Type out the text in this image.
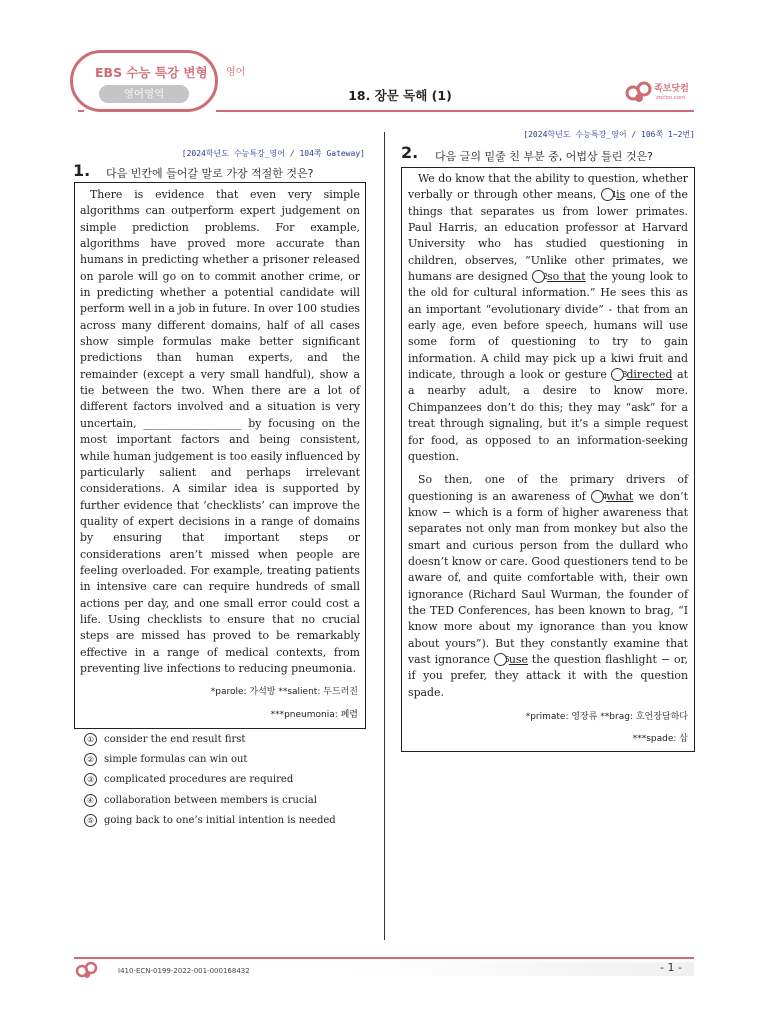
EBS 수능 특강 변형
영어영역
영어
18. 장문 독해 (1)	족보닷컴
zocbo.com
[2024학년도 수능특강_영어 / 104쪽 Gateway]
1. 다음 빈칸에 들어갈 말로 가장 적절한 것은?

There is evidence that even very simple algorithms can outperform expert judgement on simple prediction problems. For example, algorithms have proved more accurate than humans in predicting whether a prisoner released on parole will go on to commit another crime, or in predicting whether a potential candidate will perform well in a job in future. In over 100 studies across many different domains, half of all cases show simple formulas make better significant predictions than human experts, and the remainder (except a very small handful), show a tie between the two. When there are a lot of different factors involved and a situation is very uncertain, __________________ by focusing on the most important factors and being consistent, while human judgement is too easily influenced by particularly salient and perhaps irrelevant considerations. A similar idea is supported by further evidence that ‘checklists’ can improve the quality of expert decisions in a range of domains by ensuring that important steps or considerations aren’t missed when people are feeling overloaded. For example, treating patients in intensive care can require hundreds of small actions per day, and one small error could cost a life. Using checklists to ensure that no crucial steps are missed has proved to be remarkably effective in a range of medical contexts, from preventing live infections to reducing pneumonia.

*parole: 가석방 **salient: 두드러진
***pneumonia: 폐렴
①	consider the end result first
②	simple formulas can win out
③	complicated procedures are required
④	collaboration between members is crucial
⑤	going back to one’s initial intention is needed
[2024학년도 수능특강_영어 / 106쪽 1~2번]
2. 다음 글의 밑줄 친 부분 중, 어법상 틀린 것은?

We do know that the ability to question, whether verbally or through other means, 1is one of the things that separates us from lower primates. Paul Harris, an education professor at Harvard University who has studied questioning in children, observes, “Unlike other primates, we humans are designed 2so that the young look to the old for cultural information.” He sees this as an important “evolutionary divide” - that from an early age, even before speech, humans will use some form of questioning to try to gain information. A child may pick up a kiwi fruit and indicate, through a look or gesture 3directed at a nearby adult, a desire to know more. Chimpanzees don’t do this; they may “ask” for a treat through signaling, but it’s a simple request for food, as opposed to an information-seeking question.

So then, one of the primary drivers of questioning is an awareness of 4what we don’t know − which is a form of higher awareness that separates not only man from monkey but also the smart and curious person from the dullard who doesn’t know or care. Good questioners tend to be aware of, and quite comfortable with, their own ignorance (Richard Saul Wurman, the founder of the TED Conferences, has been known to brag, “I know more about my ignorance than you know about yours”). But they constantly examine that vast ignorance 5use the question flashlight − or, if you prefer, they attack it with the question spade.

*primate: 영장류 **brag: 호언장담하다
***spade: 삽
I410-ECN-0199-2022-001-000168432	- 1 -
